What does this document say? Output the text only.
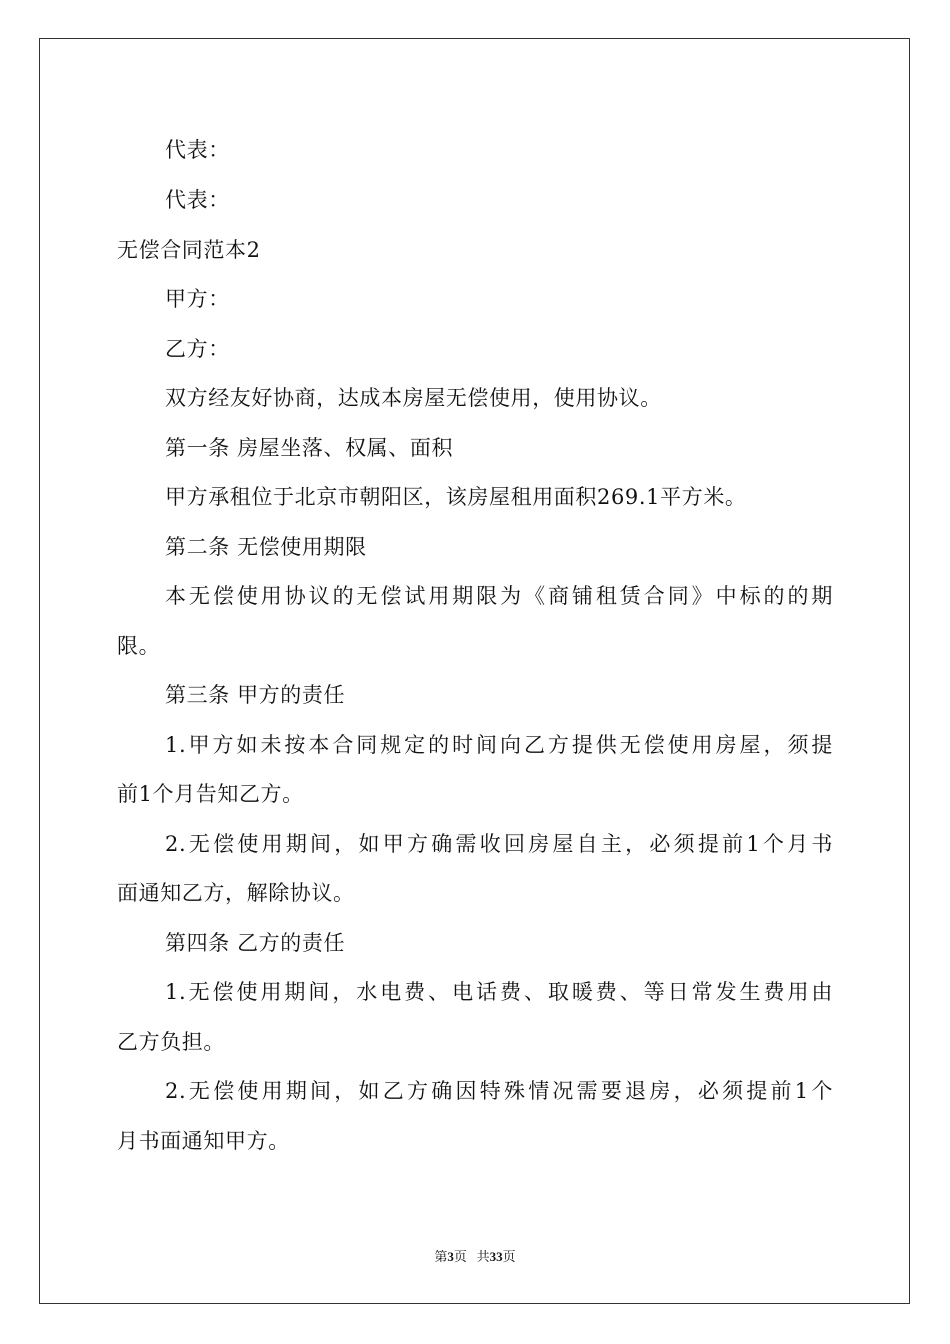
代表：
代表：
无偿合同范本2
甲方：
乙方：
双方经友好协商，达成本房屋无偿使用，使用协议。
第一条 房屋坐落、权属、面积
甲方承租位于北京市朝阳区，该房屋租用面积269.1平方米。
第二条 无偿使用期限
本无偿使用协议的无偿试用期限为《商铺租赁合同》中标的的期
限。
第三条 甲方的责任
1.甲方如未按本合同规定的时间向乙方提供无偿使用房屋，须提
前1个月告知乙方。
2.无偿使用期间，如甲方确需收回房屋自主，必须提前1个月书
面通知乙方，解除协议。
第四条 乙方的责任
1.无偿使用期间，水电费、电话费、取暖费、等日常发生费用由
乙方负担。
2.无偿使用期间，如乙方确因特殊情况需要退房，必须提前1个
月书面通知甲方。
第3页 共33页
